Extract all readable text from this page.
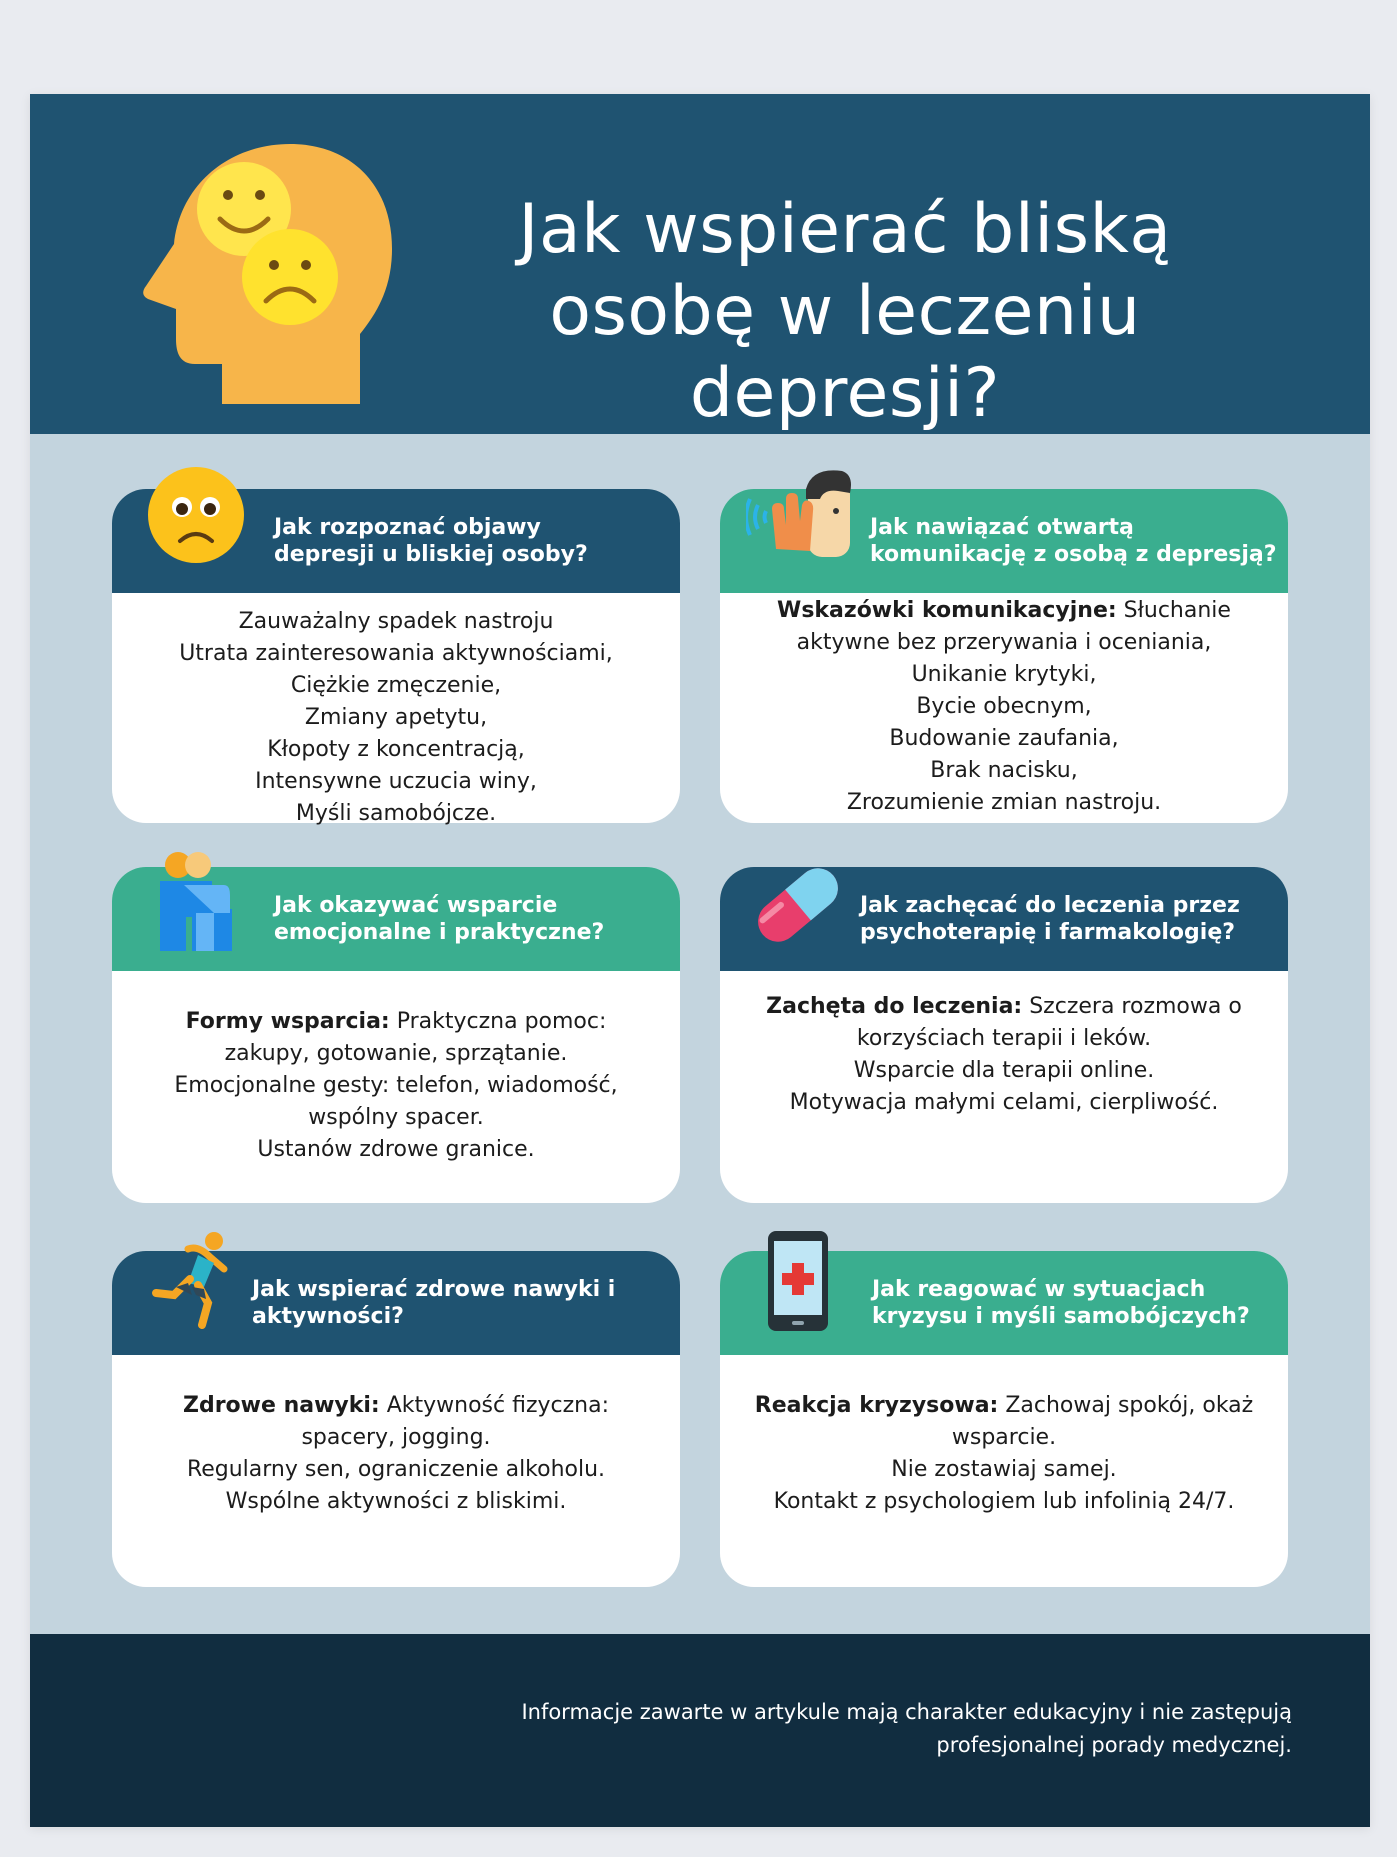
Jak wspierać bliską osobę w leczeniu depresji?
Jak rozpoznać objawy depresji u bliskiej osoby?
Zauważalny spadek nastroju
Utrata zainteresowania aktywnościami,
Ciężkie zmęczenie,
Zmiany apetytu,
Kłopoty z koncentracją,
Intensywne uczucia winy,
Myśli samobójcze.
Jak nawiązać otwartą komunikację z osobą z depresją?
Wskazówki komunikacyjne: Słuchanie
aktywne bez przerywania i oceniania,
Unikanie krytyki,
Bycie obecnym,
Budowanie zaufania,
Brak nacisku,
Zrozumienie zmian nastroju.
Jak okazywać wsparcie emocjonalne i praktyczne?
Formy wsparcia: Praktyczna pomoc:
zakupy, gotowanie, sprzątanie.
Emocjonalne gesty: telefon, wiadomość,
wspólny spacer.
Ustanów zdrowe granice.
Jak zachęcać do leczenia przez psychoterapię i farmakologię?
Zachęta do leczenia: Szczera rozmowa o
korzyściach terapii i leków.
Wsparcie dla terapii online.
Motywacja małymi celami, cierpliwość.
Jak wspierać zdrowe nawyki i aktywności?
Zdrowe nawyki: Aktywność fizyczna:
spacery, jogging.
Regularny sen, ograniczenie alkoholu.
Wspólne aktywności z bliskimi.
Jak reagować w sytuacjach kryzysu i myśli samobójczych?
Reakcja kryzysowa: Zachowaj spokój, okaż
wsparcie.
Nie zostawiaj samej.
Kontakt z psychologiem lub infolinią 24/7.
Informacje zawarte w artykule mają charakter edukacyjny i nie zastępują profesjonalnej porady medycznej.
